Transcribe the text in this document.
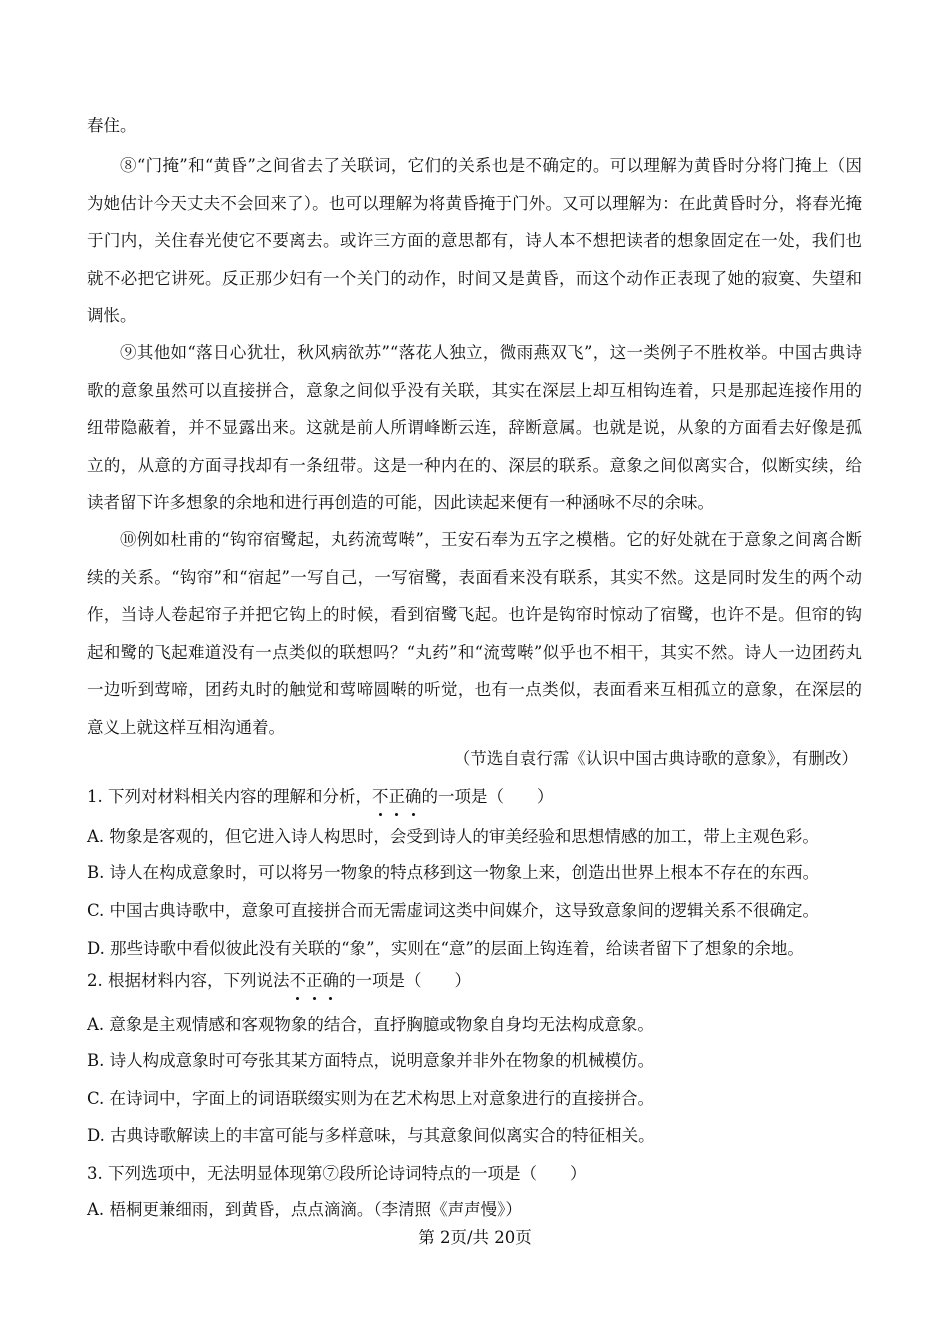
春住。

⑧“门掩”和“黄昏”之间省去了关联词，它们的关系也是不确定的。可以理解为黄昏时分将门掩上（因为她估计今天丈夫不会回来了）。也可以理解为将黄昏掩于门外。又可以理解为：在此黄昏时分，将春光掩于门内，关住春光使它不要离去。或许三方面的意思都有，诗人本不想把读者的想象固定在一处，我们也就不必把它讲死。反正那少妇有一个关门的动作，时间又是黄昏，而这个动作正表现了她的寂寞、失望和调怅。

⑨其他如“落日心犹壮，秋风病欲苏”“落花人独立，微雨燕双飞”，这一类例子不胜枚举。中国古典诗歌的意象虽然可以直接拼合，意象之间似乎没有关联，其实在深层上却互相钩连着，只是那起连接作用的纽带隐蔽着，并不显露出来。这就是前人所谓峰断云连，辞断意属。也就是说，从象的方面看去好像是孤立的，从意的方面寻找却有一条纽带。这是一种内在的、深层的联系。意象之间似离实合，似断实续，给读者留下许多想象的余地和进行再创造的可能，因此读起来便有一种涵咏不尽的余味。

⑩例如杜甫的“钩帘宿鹭起，丸药流莺啭”，王安石奉为五字之模楷。它的好处就在于意象之间离合断续的关系。“钩帘”和“宿起”一写自己，一写宿鹭，表面看来没有联系，其实不然。这是同时发生的两个动作，当诗人卷起帘子并把它钩上的时候，看到宿鹭飞起。也许是钩帘时惊动了宿鹭，也许不是。但帘的钩起和鹭的飞起难道没有一点类似的联想吗？“丸药”和“流莺啭”似乎也不相干，其实不然。诗人一边团药丸一边听到莺啼，团药丸时的触觉和莺啼圆啭的听觉，也有一点类似，表面看来互相孤立的意象，在深层的意义上就这样互相沟通着。

（节选自袁行霈《认识中国古典诗歌的意象》，有删改）
1. 下列对材料相关内容的理解和分析，不正确的一项是（　　）
A. 物象是客观的，但它进入诗人构思时，会受到诗人的审美经验和思想情感的加工，带上主观色彩。
B. 诗人在构成意象时，可以将另一物象的特点移到这一物象上来，创造出世界上根本不存在的东西。
C. 中国古典诗歌中，意象可直接拼合而无需虚词这类中间媒介，这导致意象间的逻辑关系不很确定。
D. 那些诗歌中看似彼此没有关联的“象”，实则在“意”的层面上钩连着，给读者留下了想象的余地。
2. 根据材料内容，下列说法不正确的一项是（　　）
A. 意象是主观情感和客观物象的结合，直抒胸臆或物象自身均无法构成意象。
B. 诗人构成意象时可夸张其某方面特点，说明意象并非外在物象的机械模仿。
C. 在诗词中，字面上的词语联缀实则为在艺术构思上对意象进行的直接拼合。
D. 古典诗歌解读上的丰富可能与多样意味，与其意象间似离实合的特征相关。
3. 下列选项中，无法明显体现第⑦段所论诗词特点的一项是（　　）
A. 梧桐更兼细雨，到黄昏，点点滴滴。（李清照《声声慢》）
第 2页/共 20页
